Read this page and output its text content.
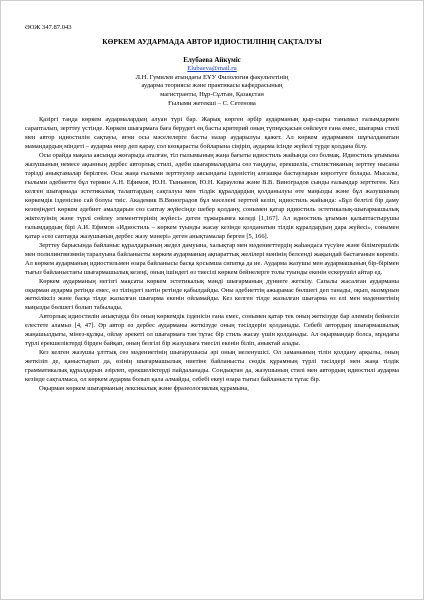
ӘОЖ 347.87.043
КӨРКЕМ АУДАРМАДА АВТОР ИДИОСТИЛІНІҢ САҚТАЛУЫ
Елубаева Айкүміс
Elubaeva@mail.ru
Л.Н. Гумилев атындағы ЕҰУ Филология факультетінің
аударма теориясы және практикасы кафедрасының
магистранты, Нұр-Сұлтан, Қазақстан
Ғылыми жетекші – С. Сетенова

Қазіргі таңда көркем аудармалардың алуан түрі бар. Жарық көрген әрбір аударманың қыр-сыры танымал ғалымдармен сарапталып, зерттеу үстінде. Көркем шығармаға баға берудегі ең басты критерий оның түпнұсқасын сөйлеуге ғана емес, шығарма стилі мен автор идиостилін сақтауы, яғни осы мәселелерге басты назар аударылуы қажет. Ал көркем аудармамен шұғылданатын мамандардың міндеті – аударма өнер деп қарау, сол көзқарасты бойларына сіңіріп, аударма ісінде жүйелі түрде қолдана білу.

Осы орайда мақала аясында жоғарыда аталған, тіл ғылымының жаңа бағыты идиостиль жайында сөз болмақ. Идиостиль ұғымына жазушының немесе ақынның дербес авторлық стилі, әдеби шығармалардағы сөз таңдауы, ерекшелік, стилистиканың зерттеу нысаны тәрізді анықтамалар берілген. Осы жаңа ғылыми зерттеулер аясындағы ізденістің алғашқы бастауларын көрсетуге болады. Мысалы, ғылыми әдебиетте бұл термин А.Н. Ефимов, Ю.Н. Тыньянов, Ю.Н. Караулова және В.В. Виноградов сынды ғалымдар зерттеген. Кез келген шығармада эстетикалық талаптардың сақталуы мен тілдік құралдардың қолданылуы өте маңызды және бұл жазушының көркемдік ізденісіне сай болуы тиіс. Академик В.Виноградов бұл мәселені зерттей келіп, идиостиль жайында: «Бұл белгілі бір даму кезеңіндегі көркем әдебиет амалдарын сөз саптау жүйесінде шебер қолдану, сонымен қатар идиостиль эстетикалық-шығармашылық жіктелуінің және түрлі сөйлеу элементтерінің жүйесі» деген тұжырымға келеді [1,167]. Ал идиостиль ұғымын қалыптастырушы ғалымдардың бірі А.И. Ефимов «Идиостиль – көркем туынды жасау кезінде қолданатын тілдік құралдардың дара жүйесі», сонымен қатар «сөз саптауда жазушының дербес жазу мәнері» деген анықтамалар берген [5, 166].

Зерттеу барысында байланыс құралдарының жедел дамуына, халықтар мен мәдениеттердің жаһандаса түсуіне және білімгершілік мен полилингвизмнің таралуына байланысты көркем аударманың ақпараттық желілері мәнінің белсенді жақындай бастағанын көреміз. Ал көркем аударманың идиостильмен өзара байланысы басқа қосымша сипатқа да ие. Аударма жазушы мен аудармашының бір-бірімен тығыз байланыстағы шығармашылық кезеңі, оның ішіндегі өз тиесілі көркем бейнелерге толы туынды екенін ескерушіл айтар ед.

Көркем аударманың негізгі мақсаты көркем эстетикалық мәнді шығарманың дүниеге жеткізу. Сапалы жасалған аударманы оқырман аударма ретінде емес, өз тіліндегі мәтін ретінде қабылдайды. Оны әдебиеттің ажырамас бөлшегі деп танады, оқып, мазмұнын жеткіліксіз және басқа тілде жазылған шығарма екенін ойламайды. Кез келген тілде жазылған шығарма өз елі мен мәдениетінің маңызды бөлшегі болып табылады.

Авторлық идиостилін анықтауда біз оның көркемдік ізденісін ғана емес, сонымен қатар тек оның жеткізуде бар әлемнің бейнесін елестете аламыз [4, 47]. Әр автор өз дербес аударманы жеткізуде оның тәсілдерін қолданады. Себебі автордың шығармашылық жаңашылдығы, мінез-құлқы, ойлау әрекеті ол шығармаға тән тұтас бір стиль жасау үшін қолданады. Ал оқырмандар болса, мұндағы түрлі ерекшеліктерді бірден байқап, оның белгілі бір жазушыға тиесілі екенін біліп, аныктай алады.

Кез келген жазушы ұлттық сөз мәдениетінің шығарушысы әрі оның иеленушісі. Ол заманының тілін қолдану арқылы, оның жеткізіп де, қаныстырып да, өзінің шығармашылық ниетіне байланысты сөздік құрамның түрлі тәсілдері мен жаңа тілдік грамматикалық құралдарын әзірлеп, ерекшеліктерді пайдаланады. Сондықтан да, жазушының стилі мен автордың идиостилі аударма кезінде сақталмаса, ол көркем аударма болып қала алмайды, себебі екеуі өзара тығыз байланыста тұтас бір.

Оқырман көркем шығарманың лексикалық және фразеологиялық құрамына,
